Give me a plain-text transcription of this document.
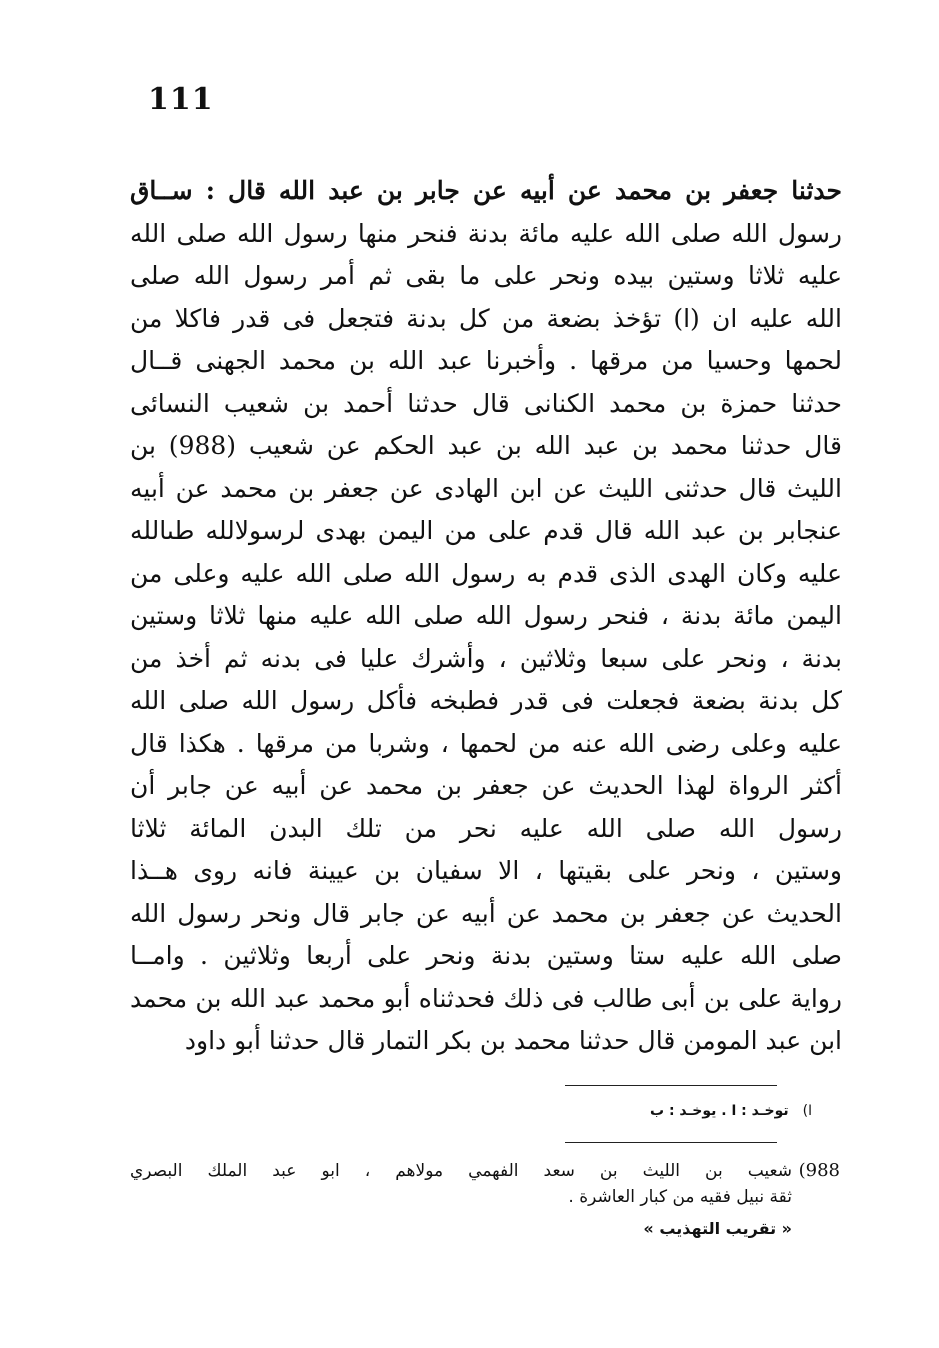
111
حدثنا جعفر بن محمد عن أبيه عن جابر بن عبد الله قال : ســاق
رسول الله صلى الله عليه مائة بدنة فنحر منها رسول الله صلى الله
عليه ثلاثا وستين بيده ونحر على ما بقى ثم أمر رسول الله صلى
الله عليه ان (ا) تؤخذ بضعة من كل بدنة فتجعل فى قدر فاكلا من
لحمها وحسيا من مرقها . وأخبرنا عبد الله بن محمد الجهنى قــال
حدثنا حمزة بن محمد الكنانى قال حدثنا أحمد بن شعيب النسائى
قال حدثنا محمد بن عبد الله بن عبد الحكم عن شعيب (988) بن
الليث قال حدثنى الليث عن ابن الهادى عن جعفر بن محمد عن أبيه
عنجابر بن عبد الله قال قدم على من اليمن بهدى لرسولالله طىالله
عليه وكان الهدى الذى قدم به رسول الله صلى الله عليه وعلى من
اليمن مائة بدنة ، فنحر رسول الله صلى الله عليه منها ثلاثا وستين
بدنة ، ونحر على سبعا وثلاثين ، وأشرك عليا فى بدنه ثم أخذ من
كل بدنة بضعة فجعلت فى قدر فطبخه فأكل رسول الله صلى الله
عليه وعلى رضى الله عنه من لحمها ، وشربا من مرقها . هكذا قال
أكثر الرواة لهذا الحديث عن جعفر بن محمد عن أبيه عن جابر أن
رسول الله صلى الله عليه نحر من تلك البدن المائة ثلاثا
وستين ، ونحر على بقيتها ، الا سفيان بن عيينة فانه روى هــذا
الحديث عن جعفر بن محمد عن أبيه عن جابر قال ونحر رسول الله
صلى الله عليه ستا وستين بدنة ونحر على أربعا وثلاثين . وامــا
رواية على بن أبى طالب فى ذلك فحدثناه أبو محمد عبد الله بن محمد
ابن عبد المومن قال حدثنا محمد بن بكر التمار قال حدثنا أبو داود
ا)
توخـد : ا . يوخـد : ب
988)
شعيب بن الليث بن سعد الفهمي مولاهم ، ابو عبد الملك البصري
ثقة نبيل فقيه من كبار العاشرة .
« تقريب التهذيب »
